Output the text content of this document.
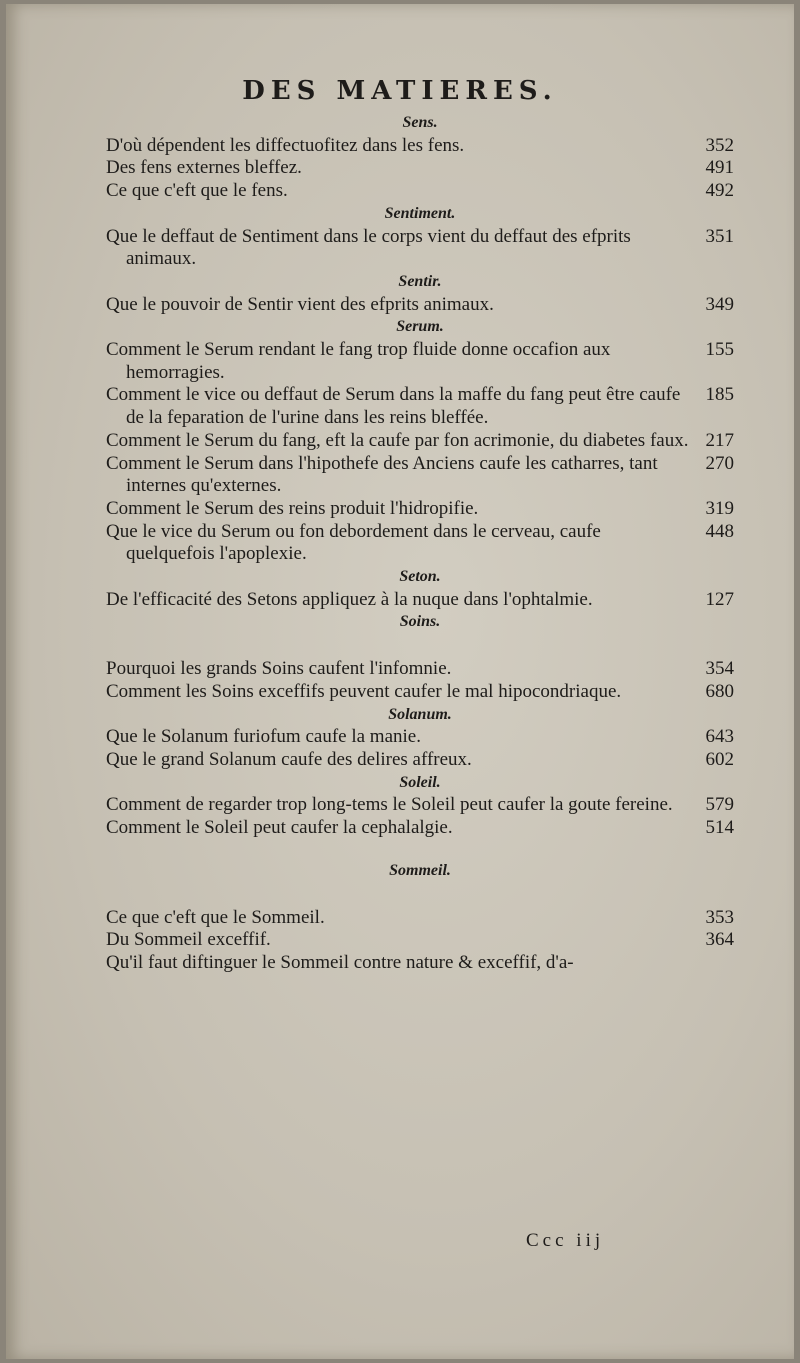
DES MATIERES.
Sens.
352
D'où dépendent les diffectuofitez dans les fens.
491
Des fens externes bleffez.
492
Ce que c'eft que le fens.
Sentiment.
351
Que le deffaut de Sentiment dans le corps vient du deffaut des efprits animaux.
Sentir.
349
Que le pouvoir de Sentir vient des efprits animaux.
Serum.
155
Comment le Serum rendant le fang trop fluide donne occafion aux hemorragies.
185
Comment le vice ou deffaut de Serum dans la maffe du fang peut être caufe de la feparation de l'urine dans les reins bleffée.
217
Comment le Serum du fang, eft la caufe par fon acrimonie, du diabetes faux.
270
Comment le Serum dans l'hipothefe des Anciens caufe les catharres, tant internes qu'externes.
319
Comment le Serum des reins produit l'hidropifie.
448
Que le vice du Serum ou fon debordement dans le cerveau, caufe quelquefois l'apoplexie.
Seton.
127
De l'efficacité des Setons appliquez à la nuque dans l'ophtalmie.
Soins.
354
Pourquoi les grands Soins caufent l'infomnie.
680
Comment les Soins exceffifs peuvent caufer le mal hipocondriaque.
Solanum.
643
Que le Solanum furiofum caufe la manie.
602
Que le grand Solanum caufe des delires affreux.
Soleil.
579
Comment de regarder trop long-tems le Soleil peut caufer la goute fereine.
514
Comment le Soleil peut caufer la cephalalgie.
Sommeil.
353
Ce que c'eft que le Sommeil.
364
Du Sommeil exceffif.
Qu'il faut diftinguer le Sommeil contre nature & exceffif, d'a-
Ccc iij
